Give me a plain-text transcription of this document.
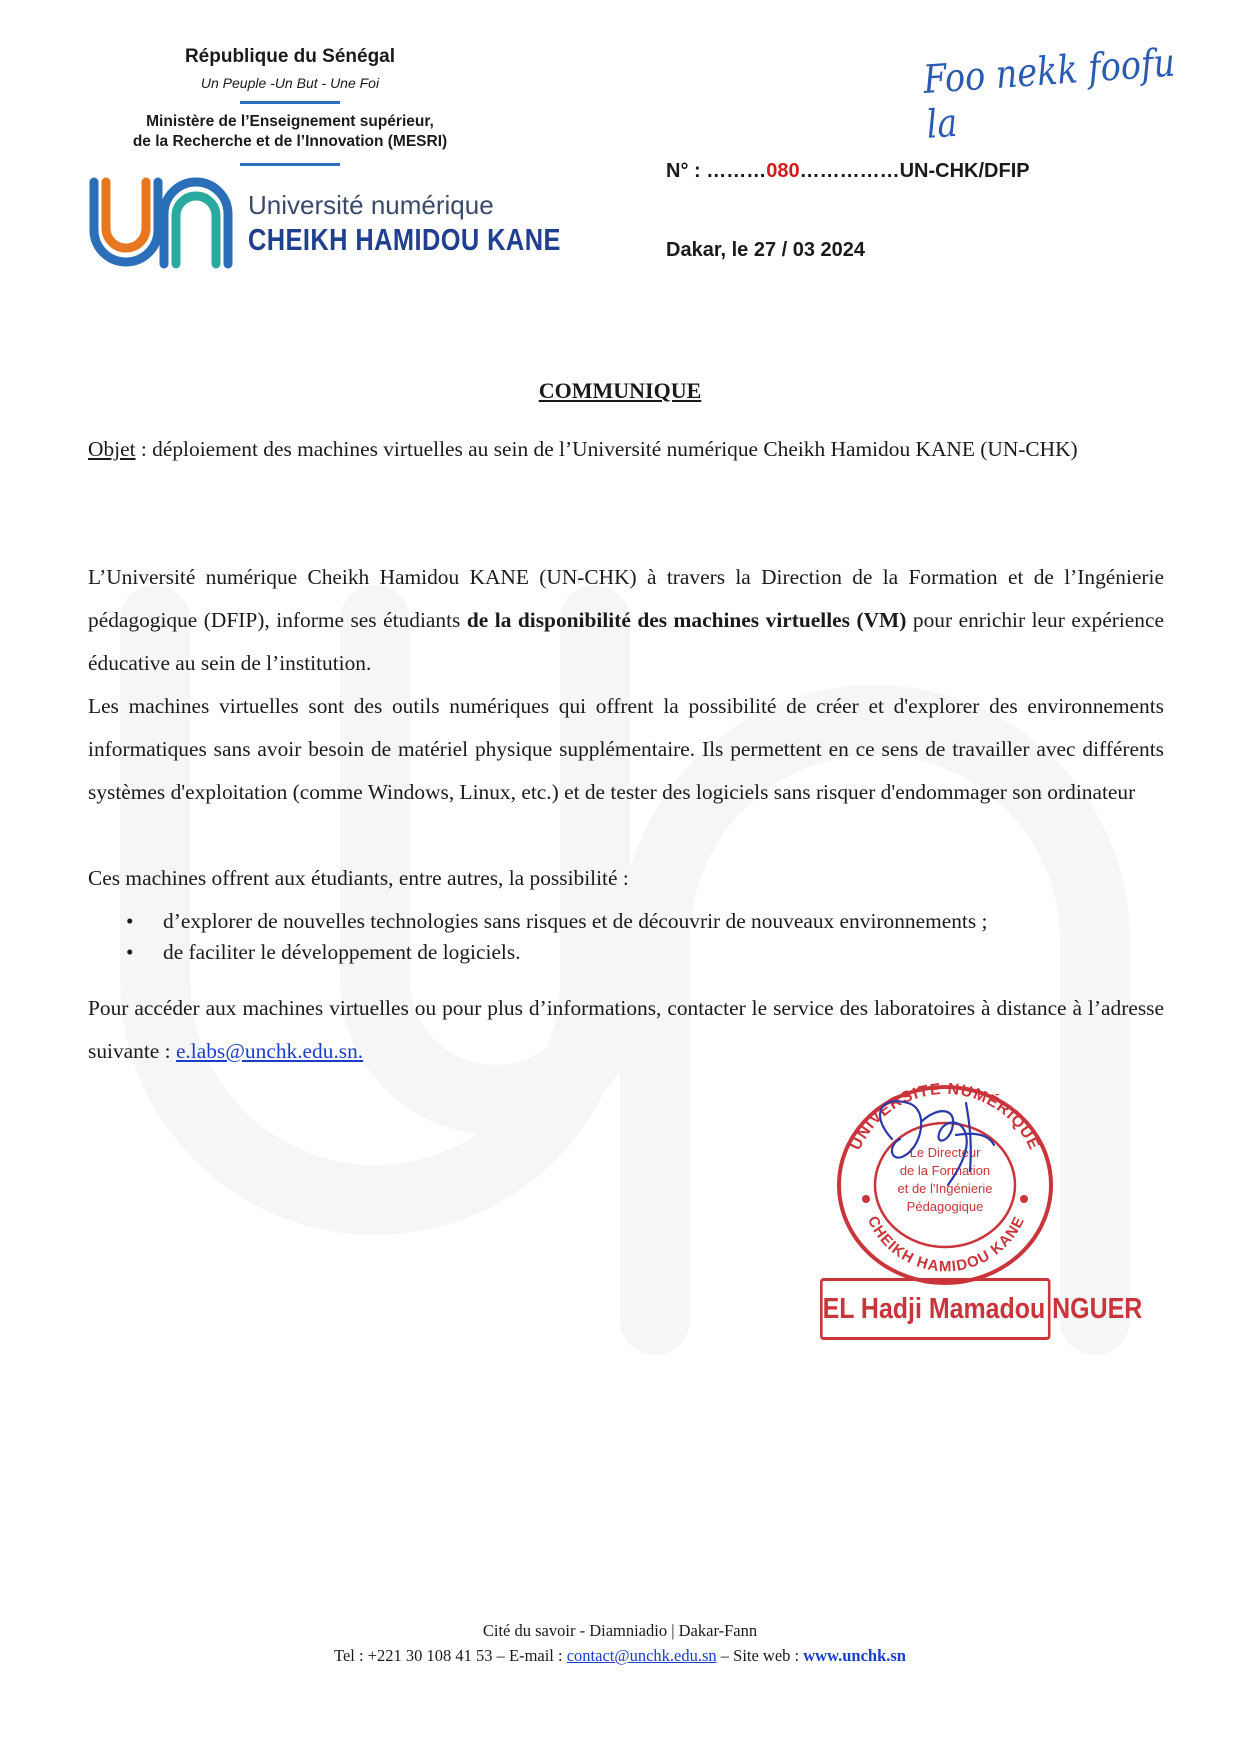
République du Sénégal
Un Peuple -Un But - Une Foi
Ministère de l’Enseignement supérieur,
de la Recherche et de l’Innovation (MESRI)
Université numérique
CHEIKH HAMIDOU KANE
Foo nekk foofu la
N° : ………080……………UN-CHK/DFIP
Dakar, le 27 / 03 2024
COMMUNIQUE
Objet : déploiement des machines virtuelles au sein de l’Université numérique Cheikh Hamidou KANE (UN-CHK)
L’Université numérique Cheikh Hamidou KANE (UN-CHK) à travers la Direction de la Formation et de l’Ingénierie pédagogique (DFIP), informe ses étudiants de la disponibilité des machines virtuelles (VM) pour enrichir leur expérience éducative au sein de l’institution.
Les machines virtuelles sont des outils numériques qui offrent la possibilité de créer et d'explorer des environnements informatiques sans avoir besoin de matériel physique supplémentaire. Ils permettent en ce sens de travailler avec différents systèmes d'exploitation (comme Windows, Linux, etc.) et de tester des logiciels sans risquer d'endommager son ordinateur
Ces machines offrent aux étudiants, entre autres, la possibilité :
• d’explorer de nouvelles technologies sans risques et de découvrir de nouveaux environnements ;
• de faciliter le développement de logiciels.
Pour accéder aux machines virtuelles ou pour plus d’informations, contacter le service des laboratoires à distance à l’adresse suivante : e.labs@unchk.edu.sn.
UNIVERSITE NUMÉRIQUE
CHEIKH HAMIDOU KANE
Le Directeur
de la Formation
et de l'Ingénierie
Pédagogique
EL Hadji Mamadou NGUER
Cité du savoir - Diamniadio | Dakar-Fann
Tel : +221 30 108 41 53 – E-mail : contact@unchk.edu.sn – Site web : www.unchk.sn
